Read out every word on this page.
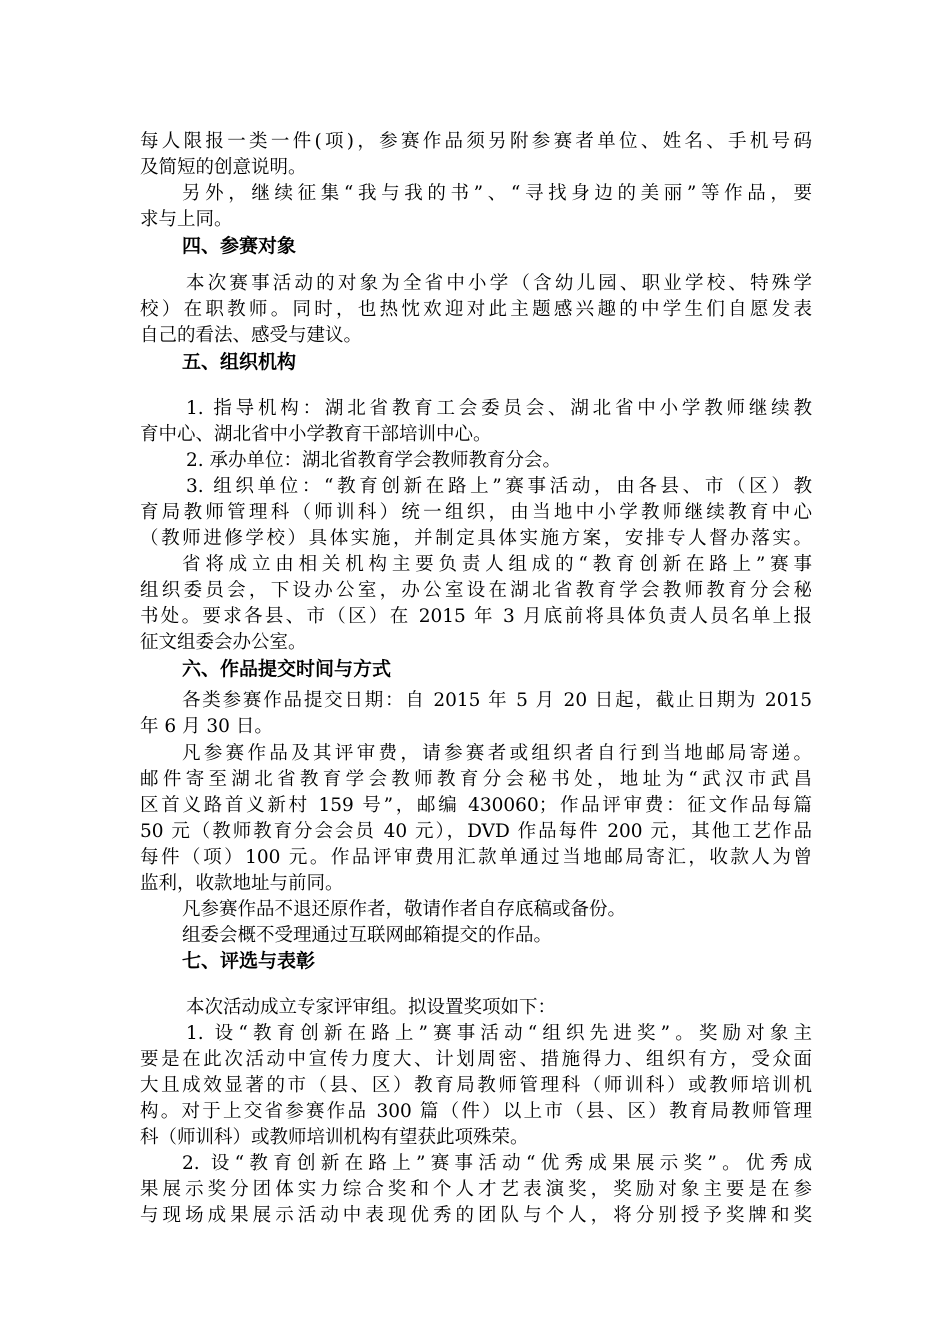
每人限报一类一件(项)，参赛作品须另附参赛者单位、姓名、手机号码
及简短的创意说明。
另外，继续征集“我与我的书”、“寻找身边的美丽”等作品，要
求与上同。
四、参赛对象
本次赛事活动的对象为全省中小学（含幼儿园、职业学校、特殊学
校）在职教师。同时，也热忱欢迎对此主题感兴趣的中学生们自愿发表
自己的看法、感受与建议。
五、组织机构
1. 指导机构：湖北省教育工会委员会、湖北省中小学教师继续教
育中心、湖北省中小学教育干部培训中心。
2. 承办单位：湖北省教育学会教师教育分会。
3. 组织单位：“教育创新在路上”赛事活动，由各县、市（区）教
育局教师管理科（师训科）统一组织，由当地中小学教师继续教育中心
（教师进修学校）具体实施，并制定具体实施方案，安排专人督办落实。
省将成立由相关机构主要负责人组成的“教育创新在路上”赛事
组织委员会，下设办公室，办公室设在湖北省教育学会教师教育分会秘
书处。要求各县、市（区）在 2015 年 3 月底前将具体负责人员名单上报
征文组委会办公室。
六、作品提交时间与方式
各类参赛作品提交日期：自 2015 年 5 月 20 日起，截止日期为 2015
年 6 月 30 日。
凡参赛作品及其评审费，请参赛者或组织者自行到当地邮局寄递。
邮件寄至湖北省教育学会教师教育分会秘书处，地址为“武汉市武昌
区首义路首义新村 159 号”，邮编 430060；作品评审费：征文作品每篇
50 元（教师教育分会会员 40 元），DVD 作品每件 200 元，其他工艺作品
每件（项）100 元。作品评审费用汇款单通过当地邮局寄汇，收款人为曾
监利，收款地址与前同。
凡参赛作品不退还原作者，敬请作者自存底稿或备份。
组委会概不受理通过互联网邮箱提交的作品。
七、评选与表彰
本次活动成立专家评审组。拟设置奖项如下：
1. 设“教育创新在路上”赛事活动“组织先进奖”。奖励对象主
要是在此次活动中宣传力度大、计划周密、措施得力、组织有方，受众面
大且成效显著的市（县、区）教育局教师管理科（师训科）或教师培训机
构。对于上交省参赛作品 300 篇（件）以上市（县、区）教育局教师管理
科（师训科）或教师培训机构有望获此项殊荣。
2. 设“教育创新在路上”赛事活动“优秀成果展示奖”。优秀成
果展示奖分团体实力综合奖和个人才艺表演奖，奖励对象主要是在参
与现场成果展示活动中表现优秀的团队与个人，将分别授予奖牌和奖
